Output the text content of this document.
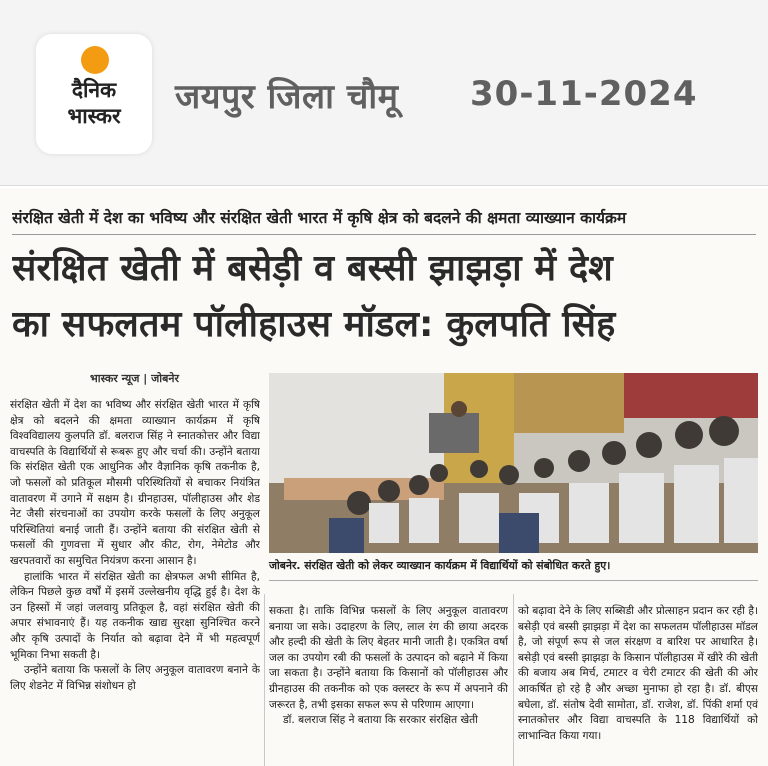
दैनिक
भास्कर	जयपुर जिला चौमू 30-11-2024
संरक्षित खेती में देश का भविष्य और संरक्षित खेती भारत में कृषि क्षेत्र को बदलने की क्षमता व्याख्यान कार्यक्रम
संरक्षित खेती में बसेड़ी व बस्सी झाझड़ा में देश
का सफलतम पॉलीहाउस मॉडल: कुलपति सिंह
भास्कर न्यूज | जोबनेर

संरक्षित खेती में देश का भविष्य और संरक्षित खेती भारत में कृषि क्षेत्र को बदलने की क्षमता व्याख्यान कार्यक्रम में कृषि विश्वविद्यालय कुलपति डॉ. बलराज सिंह ने स्नातकोत्तर और विद्या वाचस्पति के विद्यार्थियों से रूबरू हुए और चर्चा की। उन्होंने बताया कि संरक्षित खेती एक आधुनिक और वैज्ञानिक कृषि तकनीक है, जो फसलों को प्रतिकूल मौसमी परिस्थितियों से बचाकर नियंत्रित वातावरण में उगाने में सक्षम है। ग्रीनहाउस, पॉलीहाउस और शेड नेट जैसी संरचनाओं का उपयोग करके फसलों के लिए अनुकूल परिस्थितियां बनाई जाती हैं। उन्होंने बताया की संरक्षित खेती से फसलों की गुणवत्ता में सुधार और कीट, रोग, नेमेटोड और खरपतवारों का समुचित नियंत्रण करना आसान है।

हालांकि भारत में संरक्षित खेती का क्षेत्रफल अभी सीमित है, लेकिन पिछले कुछ वर्षों में इसमें उल्लेखनीय वृद्धि हुई है। देश के उन हिस्सों में जहां जलवायु प्रतिकूल है, वहां संरक्षित खेती की अपार संभावनाएं हैं। यह तकनीक खाद्य सुरक्षा सुनिश्चित करने और कृषि उत्पादों के निर्यात को बढ़ावा देने में भी महत्वपूर्ण भूमिका निभा सकती है।

उन्होंने बताया कि फसलों के लिए अनुकूल वातावरण बनाने के लिए शेडनेट में विभिन्न संशोधन हो

जोबनेर. संरक्षित खेती को लेकर व्याख्यान कार्यक्रम में विद्यार्थियों को संबोधित करते हुए।

सकता है। ताकि विभिन्न फसलों के लिए अनुकूल वातावरण बनाया जा सके। उदाहरण के लिए, लाल रंग की छाया अदरक और हल्दी की खेती के लिए बेहतर मानी जाती है। एकत्रित वर्षा जल का उपयोग रबी की फसलों के उत्पादन को बढ़ाने में किया जा सकता है। उन्होंने बताया कि किसानों को पॉलीहाउस और ग्रीनहाउस की तकनीक को एक क्लस्टर के रूप में अपनाने की जरूरत है, तभी इसका सफल रूप से परिणाम आएगा।

डॉ. बलराज सिंह ने बताया कि सरकार संरक्षित खेती

को बढ़ावा देने के लिए सब्सिडी और प्रोत्साहन प्रदान कर रही है। बसेड़ी एवं बस्सी झाझड़ा में देश का सफलतम पॉलीहाउस मॉडल है, जो संपूर्ण रूप से जल संरक्षण व बारिश पर आधारित है। बसेड़ी एवं बस्सी झाझड़ा के किसान पॉलीहाउस में खीरे की खेती की बजाय अब मिर्च, टमाटर व चेरी टमाटर की खेती की ओर आकर्षित हो रहे है और अच्छा मुनाफा हो रहा है। डॉ. बीएस बघेला, डॉ. संतोष देवी सामोता, डॉ. राजेश, डॉ. पिंकी शर्मा एवं स्नातकोत्तर और विद्या वाचस्पति के 118 विद्यार्थियों को लाभान्वित किया गया।
